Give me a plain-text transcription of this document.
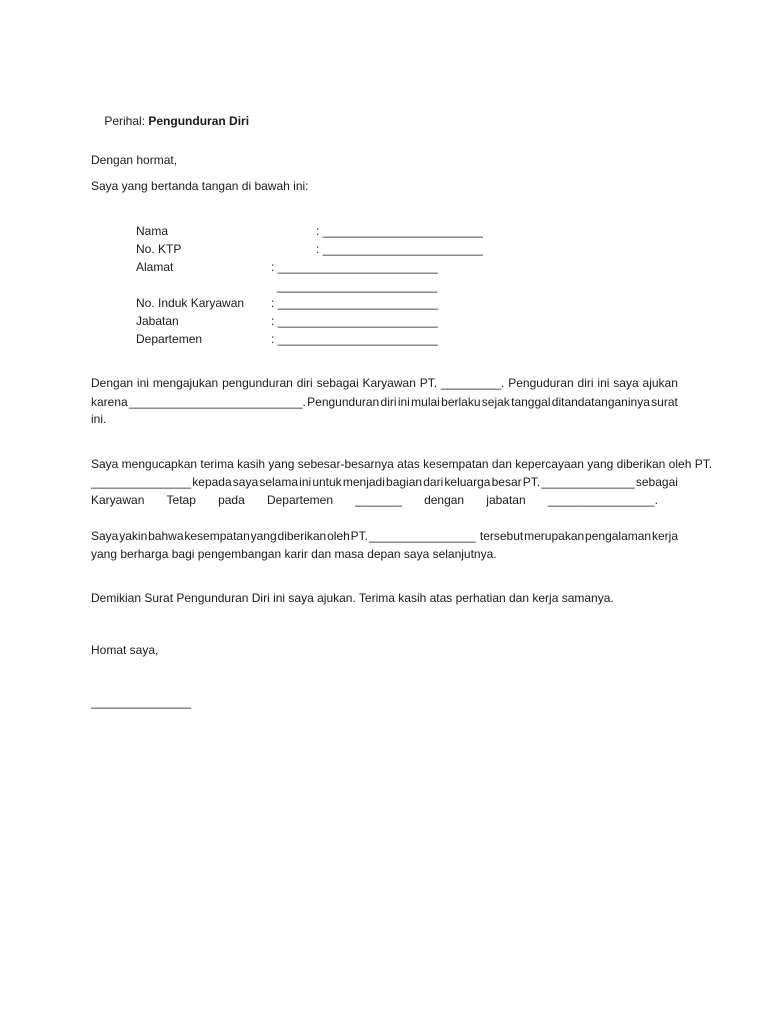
Perihal: Pengunduran Diri

Dengan hormat,
Saya yang bertanda tangan di bawah ini:
Nama	: ________________________
No. KTP	: ________________________
Alamat	: ________________________
________________________
No. Induk Karyawan : ________________________
Jabatan	: ________________________
Departemen	: ________________________
Dengan ini mengajukan pengunduran diri sebagai Karyawan PT. _________. Penguduran diri ini saya ajukan
karena __________________________. Pengunduran diri ini mulai berlaku sejak tanggal ditandatanganinya surat
ini.
Saya mengucapkan terima kasih yang sebesar-besarnya atas kesempatan dan kepercayaan yang diberikan oleh PT.
_______________ kepada saya selama ini untuk menjadi bagian dari keluarga besar PT. ______________ sebagai
Karyawan Tetap pada Departemen _______ dengan jabatan ________________.
Saya yakin bahwa kesempatan yang diberikan oleh PT. ________________ tersebut merupakan pengalaman kerja
yang berharga bagi pengembangan karir dan masa depan saya selanjutnya.
Demikian Surat Pengunduran Diri ini saya ajukan. Terima kasih atas perhatian dan kerja samanya.
Homat saya,
_______________
